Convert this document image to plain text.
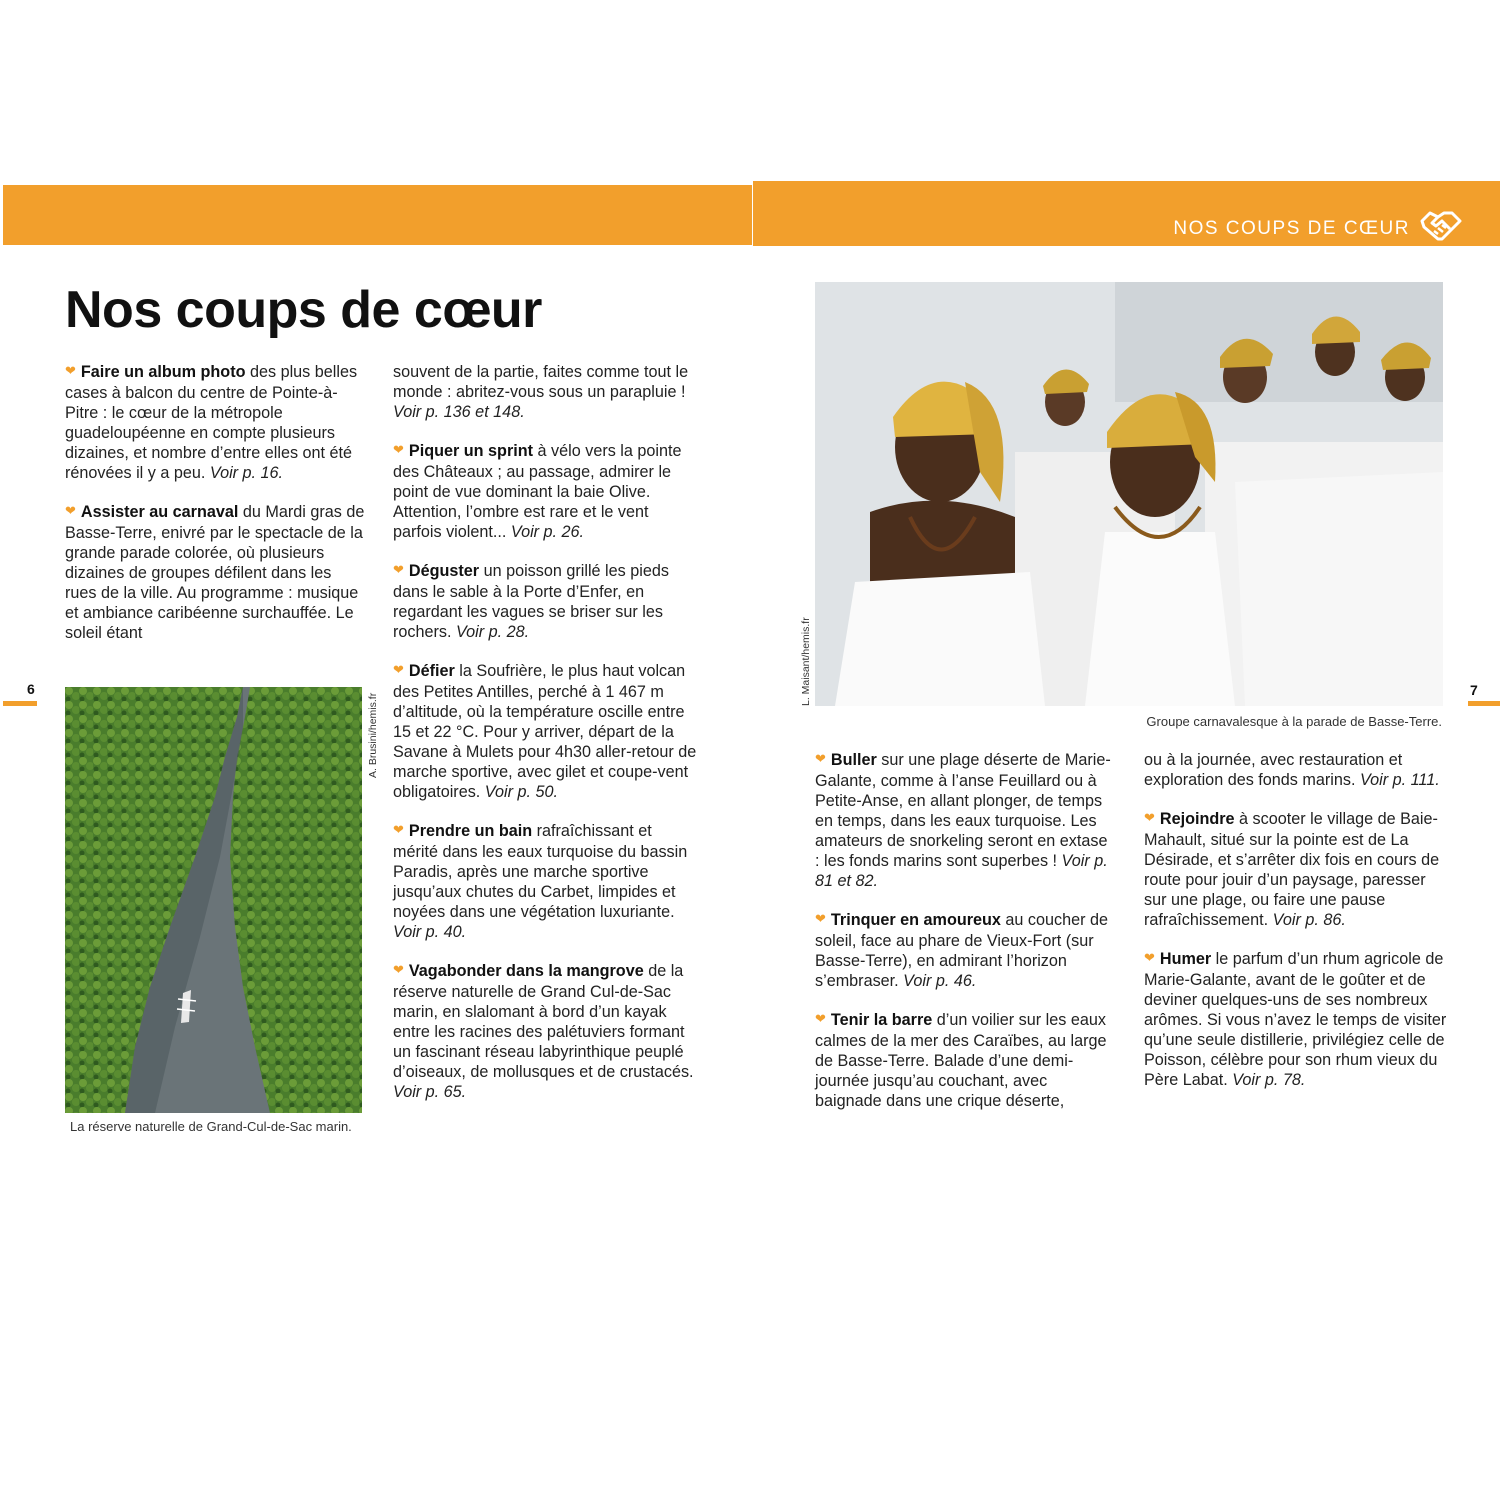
NOS COUPS DE CŒUR
Nos coups de cœur

❤ Faire un album photo des plus belles cases à balcon du centre de Pointe-à-Pitre : le cœur de la métropole guadeloupéenne en compte plusieurs dizaines, et nombre d’entre elles ont été rénovées il y a peu. Voir p. 16.

❤ Assister au carnaval du Mardi gras de Basse-Terre, enivré par le spectacle de la grande parade colorée, où plusieurs dizaines de groupes défilent dans les rues de la ville. Au programme : musique et ambiance caribéenne surchauffée. Le soleil étant

A. Brusini/hemis.fr
La réserve naturelle de Grand-Cul-de-Sac marin.

souvent de la partie, faites comme tout le monde : abritez-vous sous un parapluie ! Voir p. 136 et 148.

❤ Piquer un sprint à vélo vers la pointe des Châteaux ; au passage, admirer le point de vue dominant la baie Olive. Attention, l’ombre est rare et le vent parfois violent... Voir p. 26.

❤ Déguster un poisson grillé les pieds dans le sable à la Porte d’Enfer, en regardant les vagues se briser sur les rochers. Voir p. 28.

❤ Défier la Soufrière, le plus haut volcan des Petites Antilles, perché à 1 467 m d’altitude, où la température oscille entre 15 et 22 °C. Pour y arriver, départ de la Savane à Mulets pour 4h30 aller-retour de marche sportive, avec gilet et coupe-vent obligatoires. Voir p. 50.

❤ Prendre un bain rafraîchissant et mérité dans les eaux turquoise du bassin Paradis, après une marche sportive jusqu’aux chutes du Carbet, limpides et noyées dans une végétation luxuriante. Voir p. 40.

❤ Vagabonder dans la mangrove de la réserve naturelle de Grand Cul-de-Sac marin, en slalomant à bord d’un kayak entre les racines des palétuviers formant un fascinant réseau labyrinthique peuplé d’oiseaux, de mollusques et de crustacés. Voir p. 65.

L. Maisant/hemis.fr
Groupe carnavalesque à la parade de Basse-Terre.

❤ Buller sur une plage déserte de Marie-Galante, comme à l’anse Feuillard ou à Petite-Anse, en allant plonger, de temps en temps, dans les eaux turquoise. Les amateurs de snorkeling seront en extase : les fonds marins sont superbes ! Voir p. 81 et 82.

❤ Trinquer en amoureux au coucher de soleil, face au phare de Vieux-Fort (sur Basse-Terre), en admirant l’horizon s’embraser. Voir p. 46.

❤ Tenir la barre d’un voilier sur les eaux calmes de la mer des Caraïbes, au large de Basse-Terre. Balade d’une demi-journée jusqu’au couchant, avec baignade dans une crique déserte,

ou à la journée, avec restauration et exploration des fonds marins. Voir p. 111.

❤ Rejoindre à scooter le village de Baie-Mahault, situé sur la pointe est de La Désirade, et s’arrêter dix fois en cours de route pour jouir d’un paysage, paresser sur une plage, ou faire une pause rafraîchissement. Voir p. 86.

❤ Humer le parfum d’un rhum agricole de Marie-Galante, avant de le goûter et de deviner quelques-uns de ses nombreux arômes. Si vous n’avez le temps de visiter qu’une seule distillerie, privilégiez celle de Poisson, célèbre pour son rhum vieux du Père Labat. Voir p. 78.

6	7
